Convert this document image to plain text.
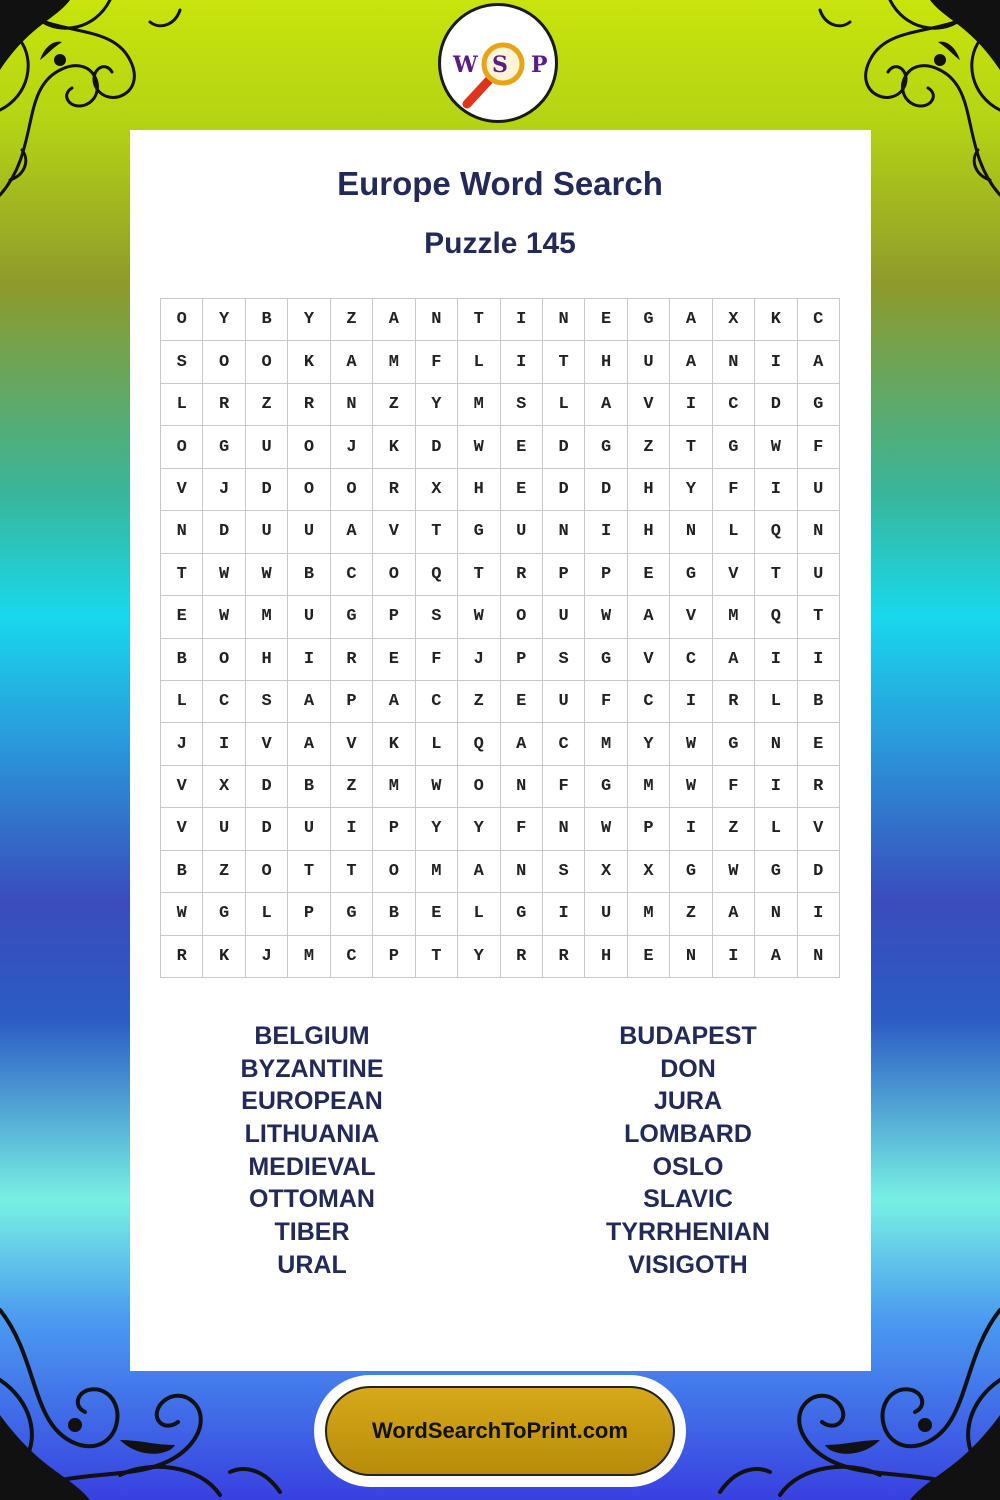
W S P
Europe Word Search
Puzzle 145
O	Y	B	Y	Z	A	N	T	I	N	E	G	A	X	K	C
S	O	O	K	A	M	F	L	I	T	H	U	A	N	I	A
L	R	Z	R	N	Z	Y	M	S	L	A	V	I	C	D	G
O	G	U	O	J	K	D	W	E	D	G	Z	T	G	W	F
V	J	D	O	O	R	X	H	E	D	D	H	Y	F	I	U
N	D	U	U	A	V	T	G	U	N	I	H	N	L	Q	N
T	W	W	B	C	O	Q	T	R	P	P	E	G	V	T	U
E	W	M	U	G	P	S	W	O	U	W	A	V	M	Q	T
B	O	H	I	R	E	F	J	P	S	G	V	C	A	I	I
L	C	S	A	P	A	C	Z	E	U	F	C	I	R	L	B
J	I	V	A	V	K	L	Q	A	C	M	Y	W	G	N	E
V	X	D	B	Z	M	W	O	N	F	G	M	W	F	I	R
V	U	D	U	I	P	Y	Y	F	N	W	P	I	Z	L	V
B	Z	O	T	T	O	M	A	N	S	X	X	G	W	G	D
W	G	L	P	G	B	E	L	G	I	U	M	Z	A	N	I
R	K	J	M	C	P	T	Y	R	R	H	E	N	I	A	N
BELGIUM
BYZANTINE
EUROPEAN
LITHUANIA
MEDIEVAL
OTTOMAN
TIBER
URAL
BUDAPEST
DON
JURA
LOMBARD
OSLO
SLAVIC
TYRRHENIAN
VISIGOTH
WordSearchToPrint.com
